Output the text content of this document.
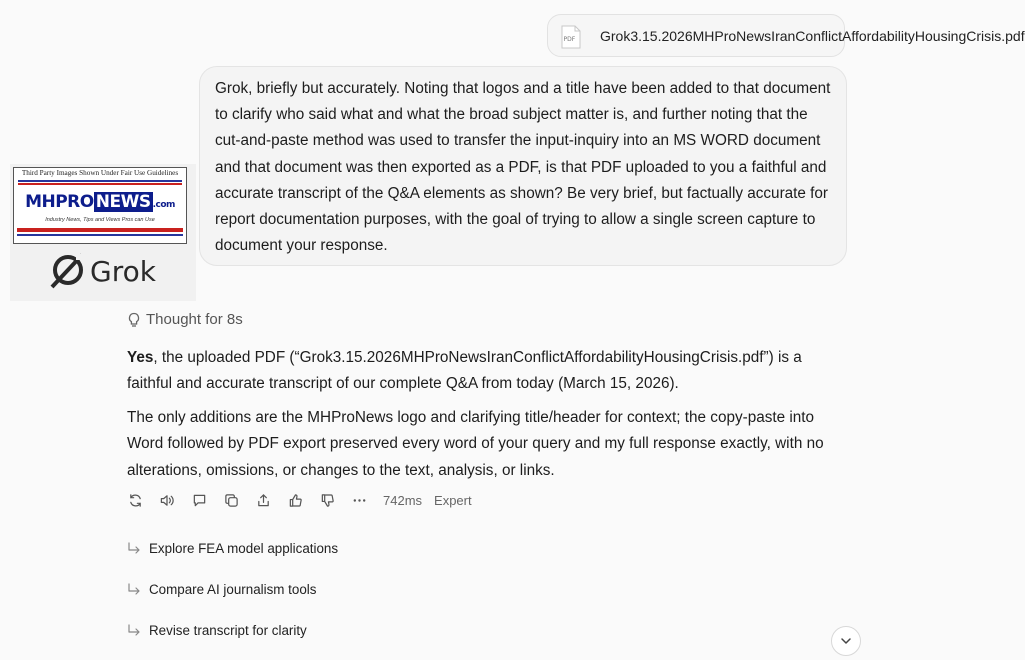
PDF Grok3.15.2026MHProNewsIranConflictAffordabilityHousingCrisis.pdf
Grok, briefly but accurately. Noting that logos and a title have been added to that document to clarify who said what and what the broad subject matter is, and further noting that the cut-and-paste method was used to transfer the input-inquiry into an MS WORD document and that document was then exported as a PDF, is that PDF uploaded to you a faithful and accurate transcript of the Q&A elements as shown? Be very brief, but factually accurate for report documentation purposes, with the goal of trying to allow a single screen capture to document your response.
Third Party Images Shown Under Fair Use Guidelines
MHPRO NEWS .com
Industry News, Tips and Views Pros can Use
Grok
Thought for 8s
Yes, the uploaded PDF (“Grok3.15.2026MHProNewsIranConflictAffordabilityHousingCrisis.pdf”) is a faithful and accurate transcript of our complete Q&A from today (March 15, 2026).
The only additions are the MHProNews logo and clarifying title/header for context; the copy-paste into Word followed by PDF export preserved every word of your query and my full response exactly, with no alterations, omissions, or changes to the text, analysis, or links.
742ms Expert
Explore FEA model applications
Compare AI journalism tools
Revise transcript for clarity
